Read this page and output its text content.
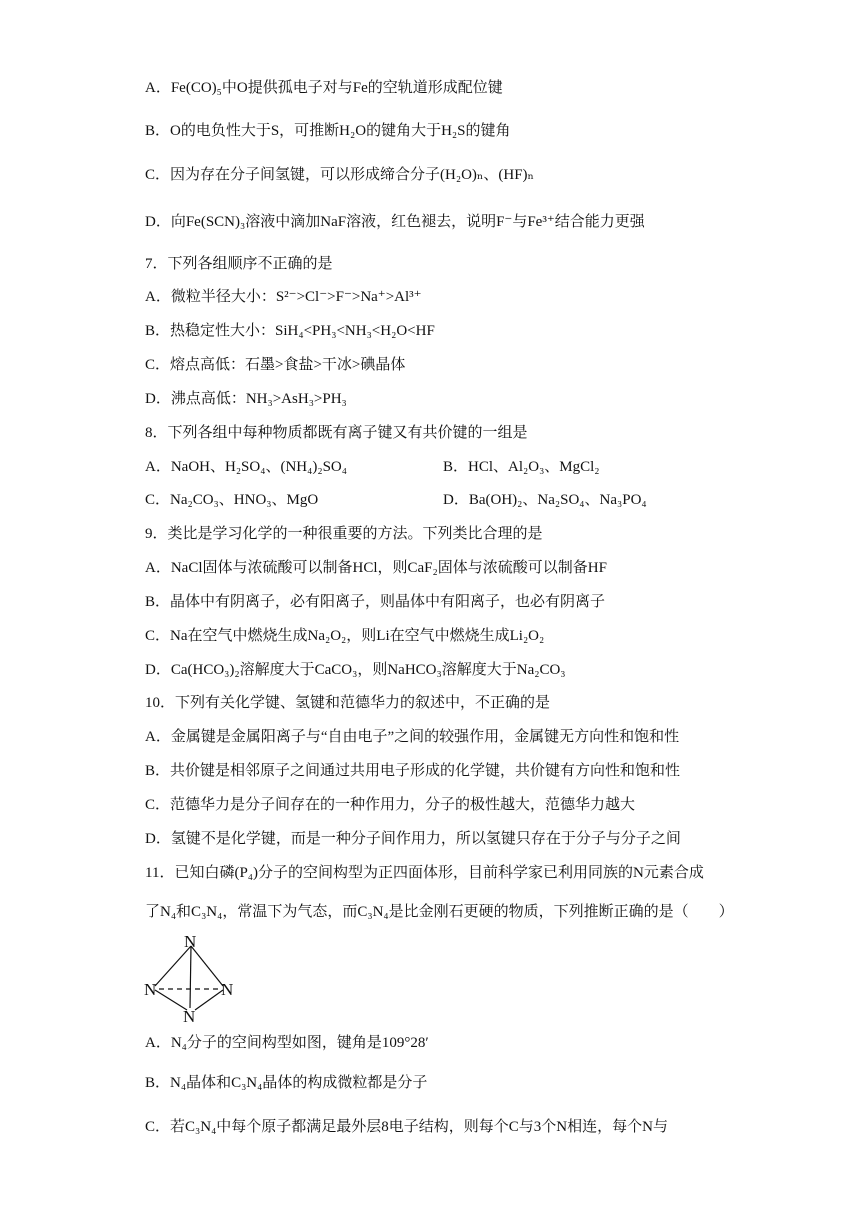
A．Fe(CO)₅中O提供孤电子对与Fe的空轨道形成配位键
B．O的电负性大于S，可推断H₂O的键角大于H₂S的键角
C．因为存在分子间氢键，可以形成缔合分子(H₂O)ₙ、(HF)ₙ
D．向Fe(SCN)₃溶液中滴加NaF溶液，红色褪去，说明F⁻与Fe³⁺结合能力更强
7．下列各组顺序不正确的是
A．微粒半径大小：S²⁻>Cl⁻>F⁻>Na⁺>Al³⁺
B．热稳定性大小：SiH₄<PH₃<NH₃<H₂O<HF
C．熔点高低：石墨>食盐>干冰>碘晶体
D．沸点高低：NH₃>AsH₃>PH₃
8．下列各组中每种物质都既有离子键又有共价键的一组是
A．NaOH、H₂SO₄、(NH₄)₂SO₄	B．HCl、Al₂O₃、MgCl₂
C．Na₂CO₃、HNO₃、MgO	D．Ba(OH)₂、Na₂SO₄、Na₃PO₄
9．类比是学习化学的一种很重要的方法。下列类比合理的是
A．NaCl固体与浓硫酸可以制备HCl，则CaF₂固体与浓硫酸可以制备HF
B．晶体中有阴离子，必有阳离子，则晶体中有阳离子，也必有阴离子
C．Na在空气中燃烧生成Na₂O₂，则Li在空气中燃烧生成Li₂O₂
D．Ca(HCO₃)₂溶解度大于CaCO₃，则NaHCO₃溶解度大于Na₂CO₃
10．下列有关化学键、氢键和范德华力的叙述中，不正确的是
A．金属键是金属阳离子与“自由电子”之间的较强作用，金属键无方向性和饱和性
B．共价键是相邻原子之间通过共用电子形成的化学键，共价键有方向性和饱和性
C．范德华力是分子间存在的一种作用力，分子的极性越大，范德华力越大
D．氢键不是化学键，而是一种分子间作用力，所以氢键只存在于分子与分子之间
11．已知白磷(P₄)分子的空间构型为正四面体形，目前科学家已利用同族的N元素合成
了N₄和C₃N₄，常温下为气态，而C₃N₄是比金刚石更硬的物质，下列推断正确的是（　　）
N
N	N
N
A．N₄分子的空间构型如图，键角是109°28′
B．N₄晶体和C₃N₄晶体的构成微粒都是分子
C．若C₃N₄中每个原子都满足最外层8电子结构，则每个C与3个N相连，每个N与
